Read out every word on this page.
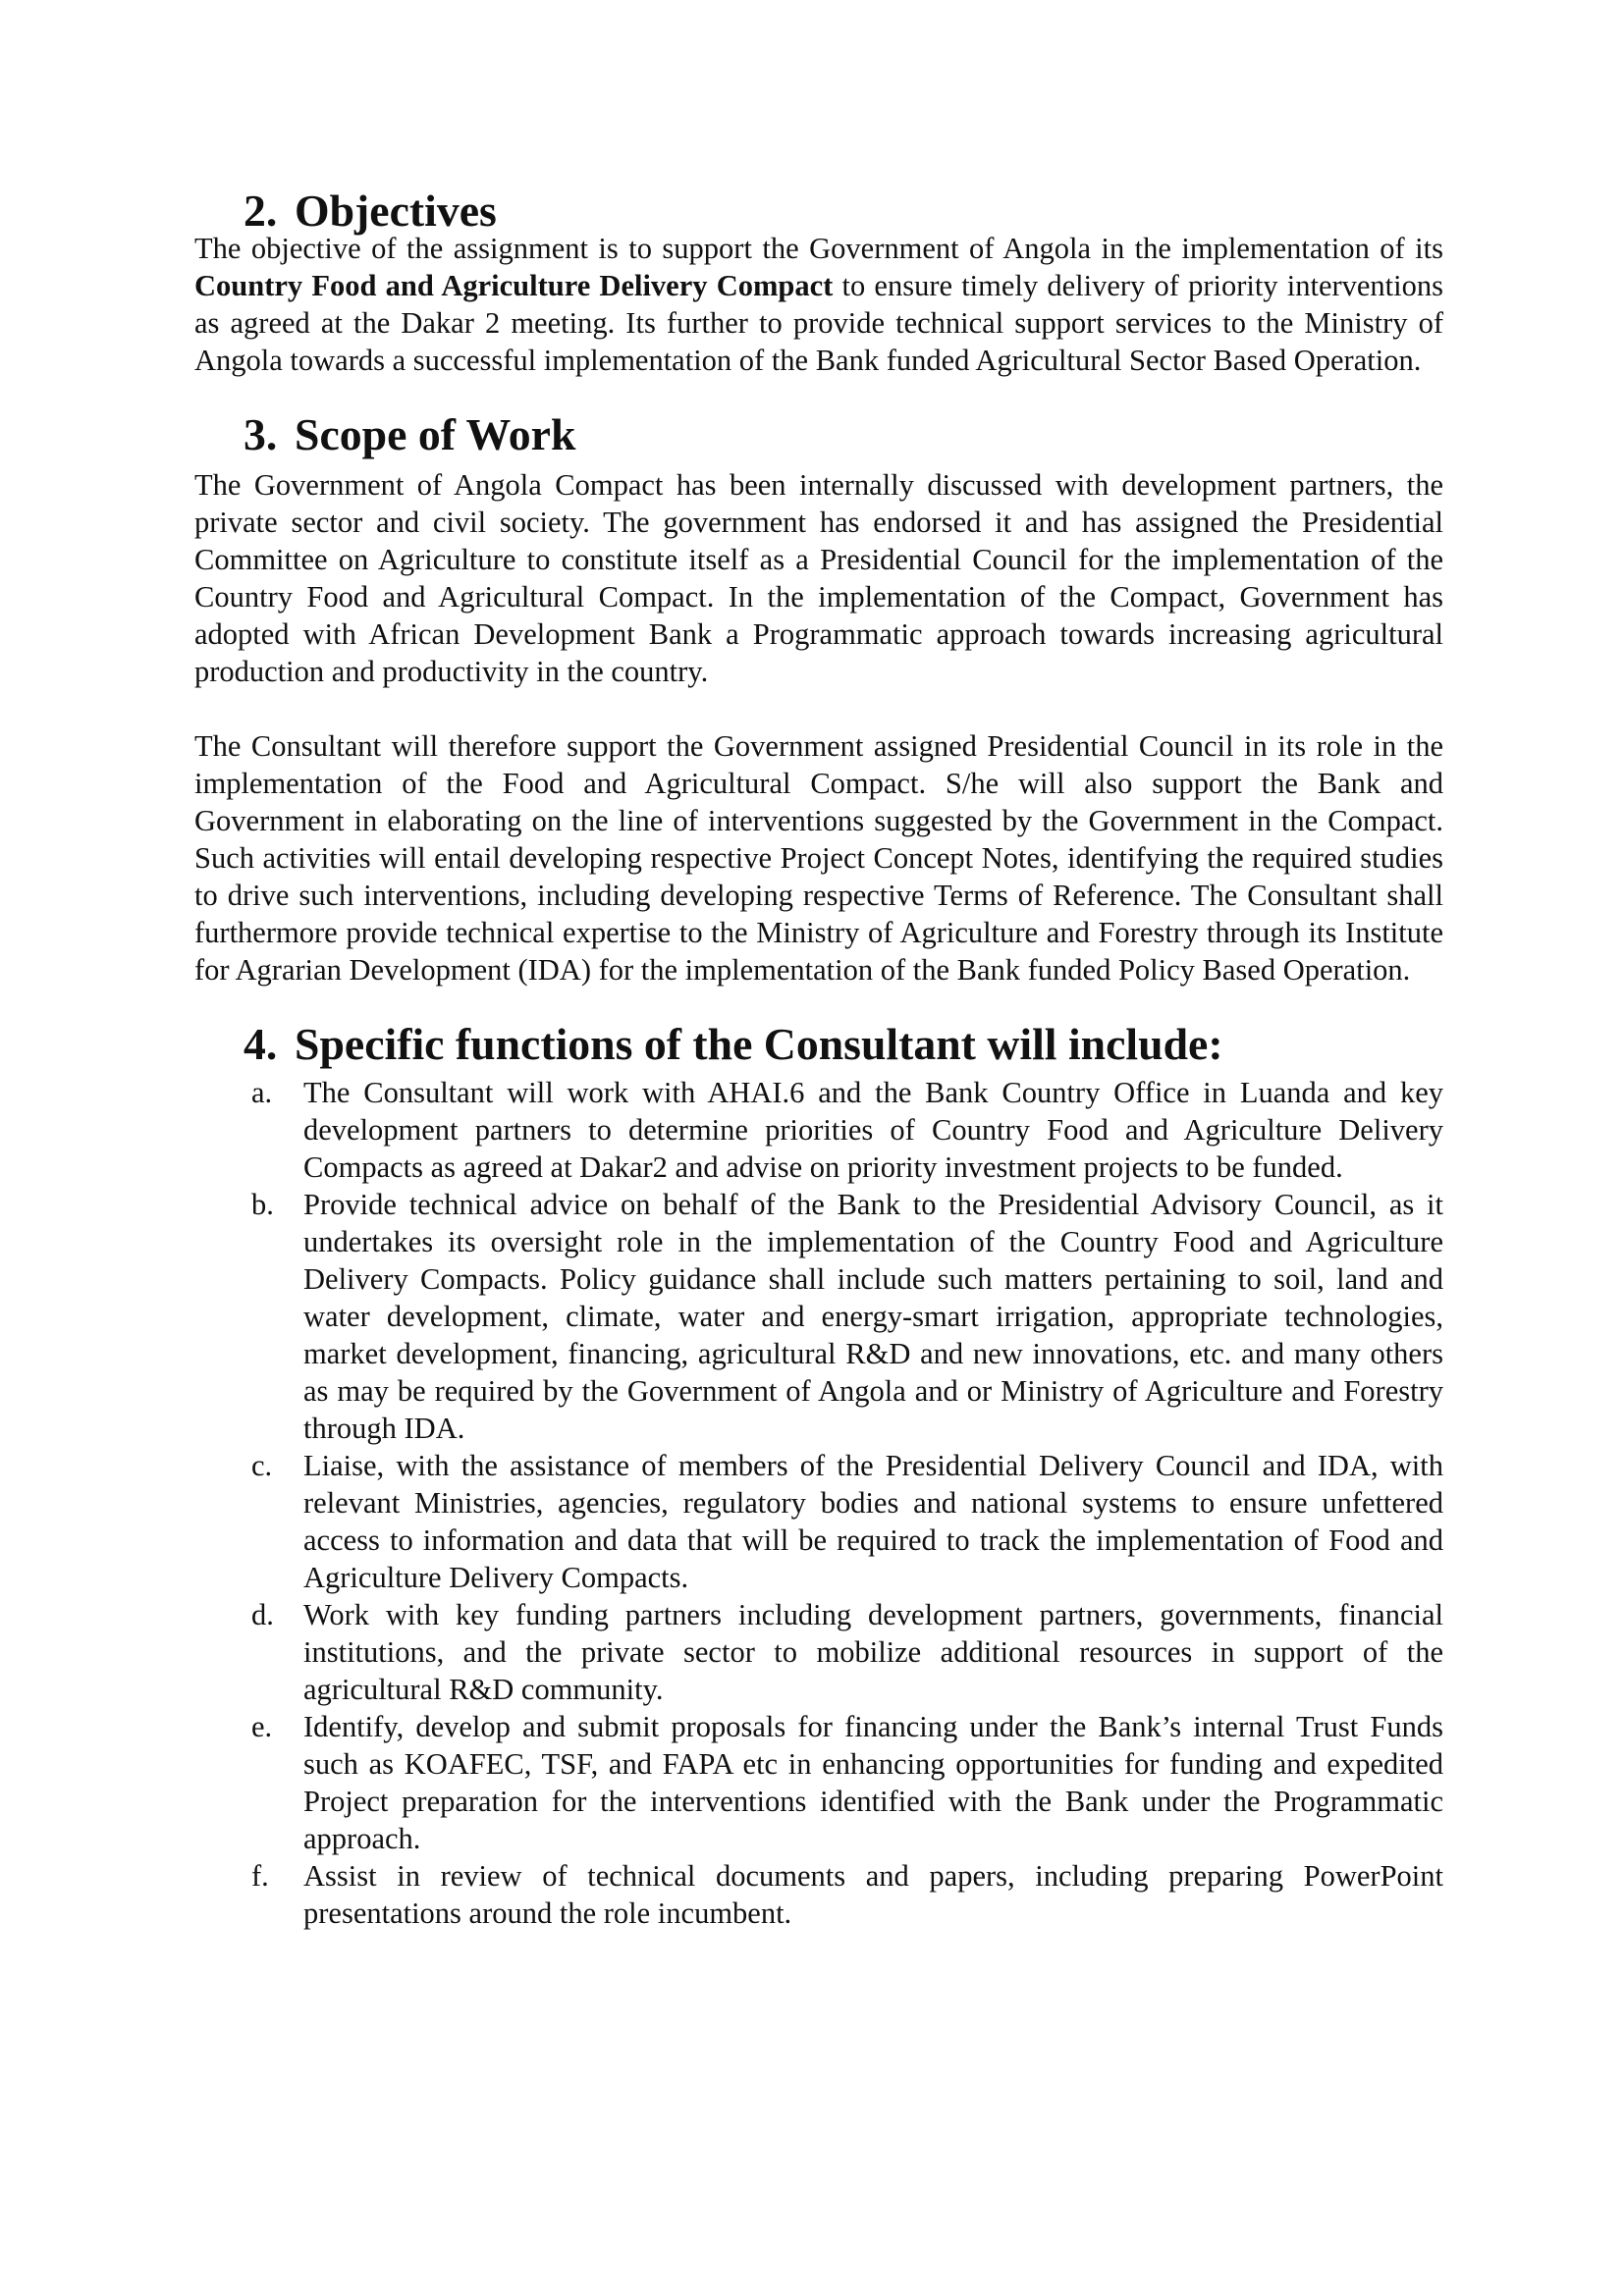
2. Objectives

The objective of the assignment is to support the Government of Angola in the implementation of its Country Food and Agriculture Delivery Compact to ensure timely delivery of priority interventions as agreed at the Dakar 2 meeting. Its further to provide technical support services to the Ministry of Angola towards a successful implementation of the Bank funded Agricultural Sector Based Operation.

3. Scope of Work

The Government of Angola Compact has been internally discussed with development partners, the private sector and civil society. The government has endorsed it and has assigned the Presidential Committee on Agriculture to constitute itself as a Presidential Council for the implementation of the Country Food and Agricultural Compact. In the implementation of the Compact, Government has adopted with African Development Bank a Programmatic approach towards increasing agricultural production and productivity in the country.

The Consultant will therefore support the Government assigned Presidential Council in its role in the implementation of the Food and Agricultural Compact. S/he will also support the Bank and Government in elaborating on the line of interventions suggested by the Government in the Compact. Such activities will entail developing respective Project Concept Notes, identifying the required studies to drive such interventions, including developing respective Terms of Reference. The Consultant shall furthermore provide technical expertise to the Ministry of Agriculture and Forestry through its Institute for Agrarian Development (IDA) for the implementation of the Bank funded Policy Based Operation.

4. Specific functions of the Consultant will include:
a.	The Consultant will work with AHAI.6 and the Bank Country Office in Luanda and key development partners to determine priorities of Country Food and Agriculture Delivery Compacts as agreed at Dakar2 and advise on priority investment projects to be funded.
b. Provide technical advice on behalf of the Bank to the Presidential Advisory Council, as it undertakes its oversight role in the implementation of the Country Food and Agriculture Delivery Compacts. Policy guidance shall include such matters pertaining to soil, land and water development, climate, water and energy-smart irrigation, appropriate technologies, market development, financing, agricultural R&D and new innovations, etc. and many others as may be required by the Government of Angola and or Ministry of Agriculture and Forestry through IDA.
c.	Liaise, with the assistance of members of the Presidential Delivery Council and IDA, with relevant Ministries, agencies, regulatory bodies and national systems to ensure unfettered access to information and data that will be required to track the implementation of Food and Agriculture Delivery Compacts.
d. Work with key funding partners including development partners, governments, financial institutions, and the private sector to mobilize additional resources in support of the agricultural R&D community.
e.	Identify, develop and submit proposals for financing under the Bank’s internal Trust Funds such as KOAFEC, TSF, and FAPA etc in enhancing opportunities for funding and expedited Project preparation for the interventions identified with the Bank under the Programmatic approach.
f.	Assist in review of technical documents and papers, including preparing PowerPoint presentations around the role incumbent.
